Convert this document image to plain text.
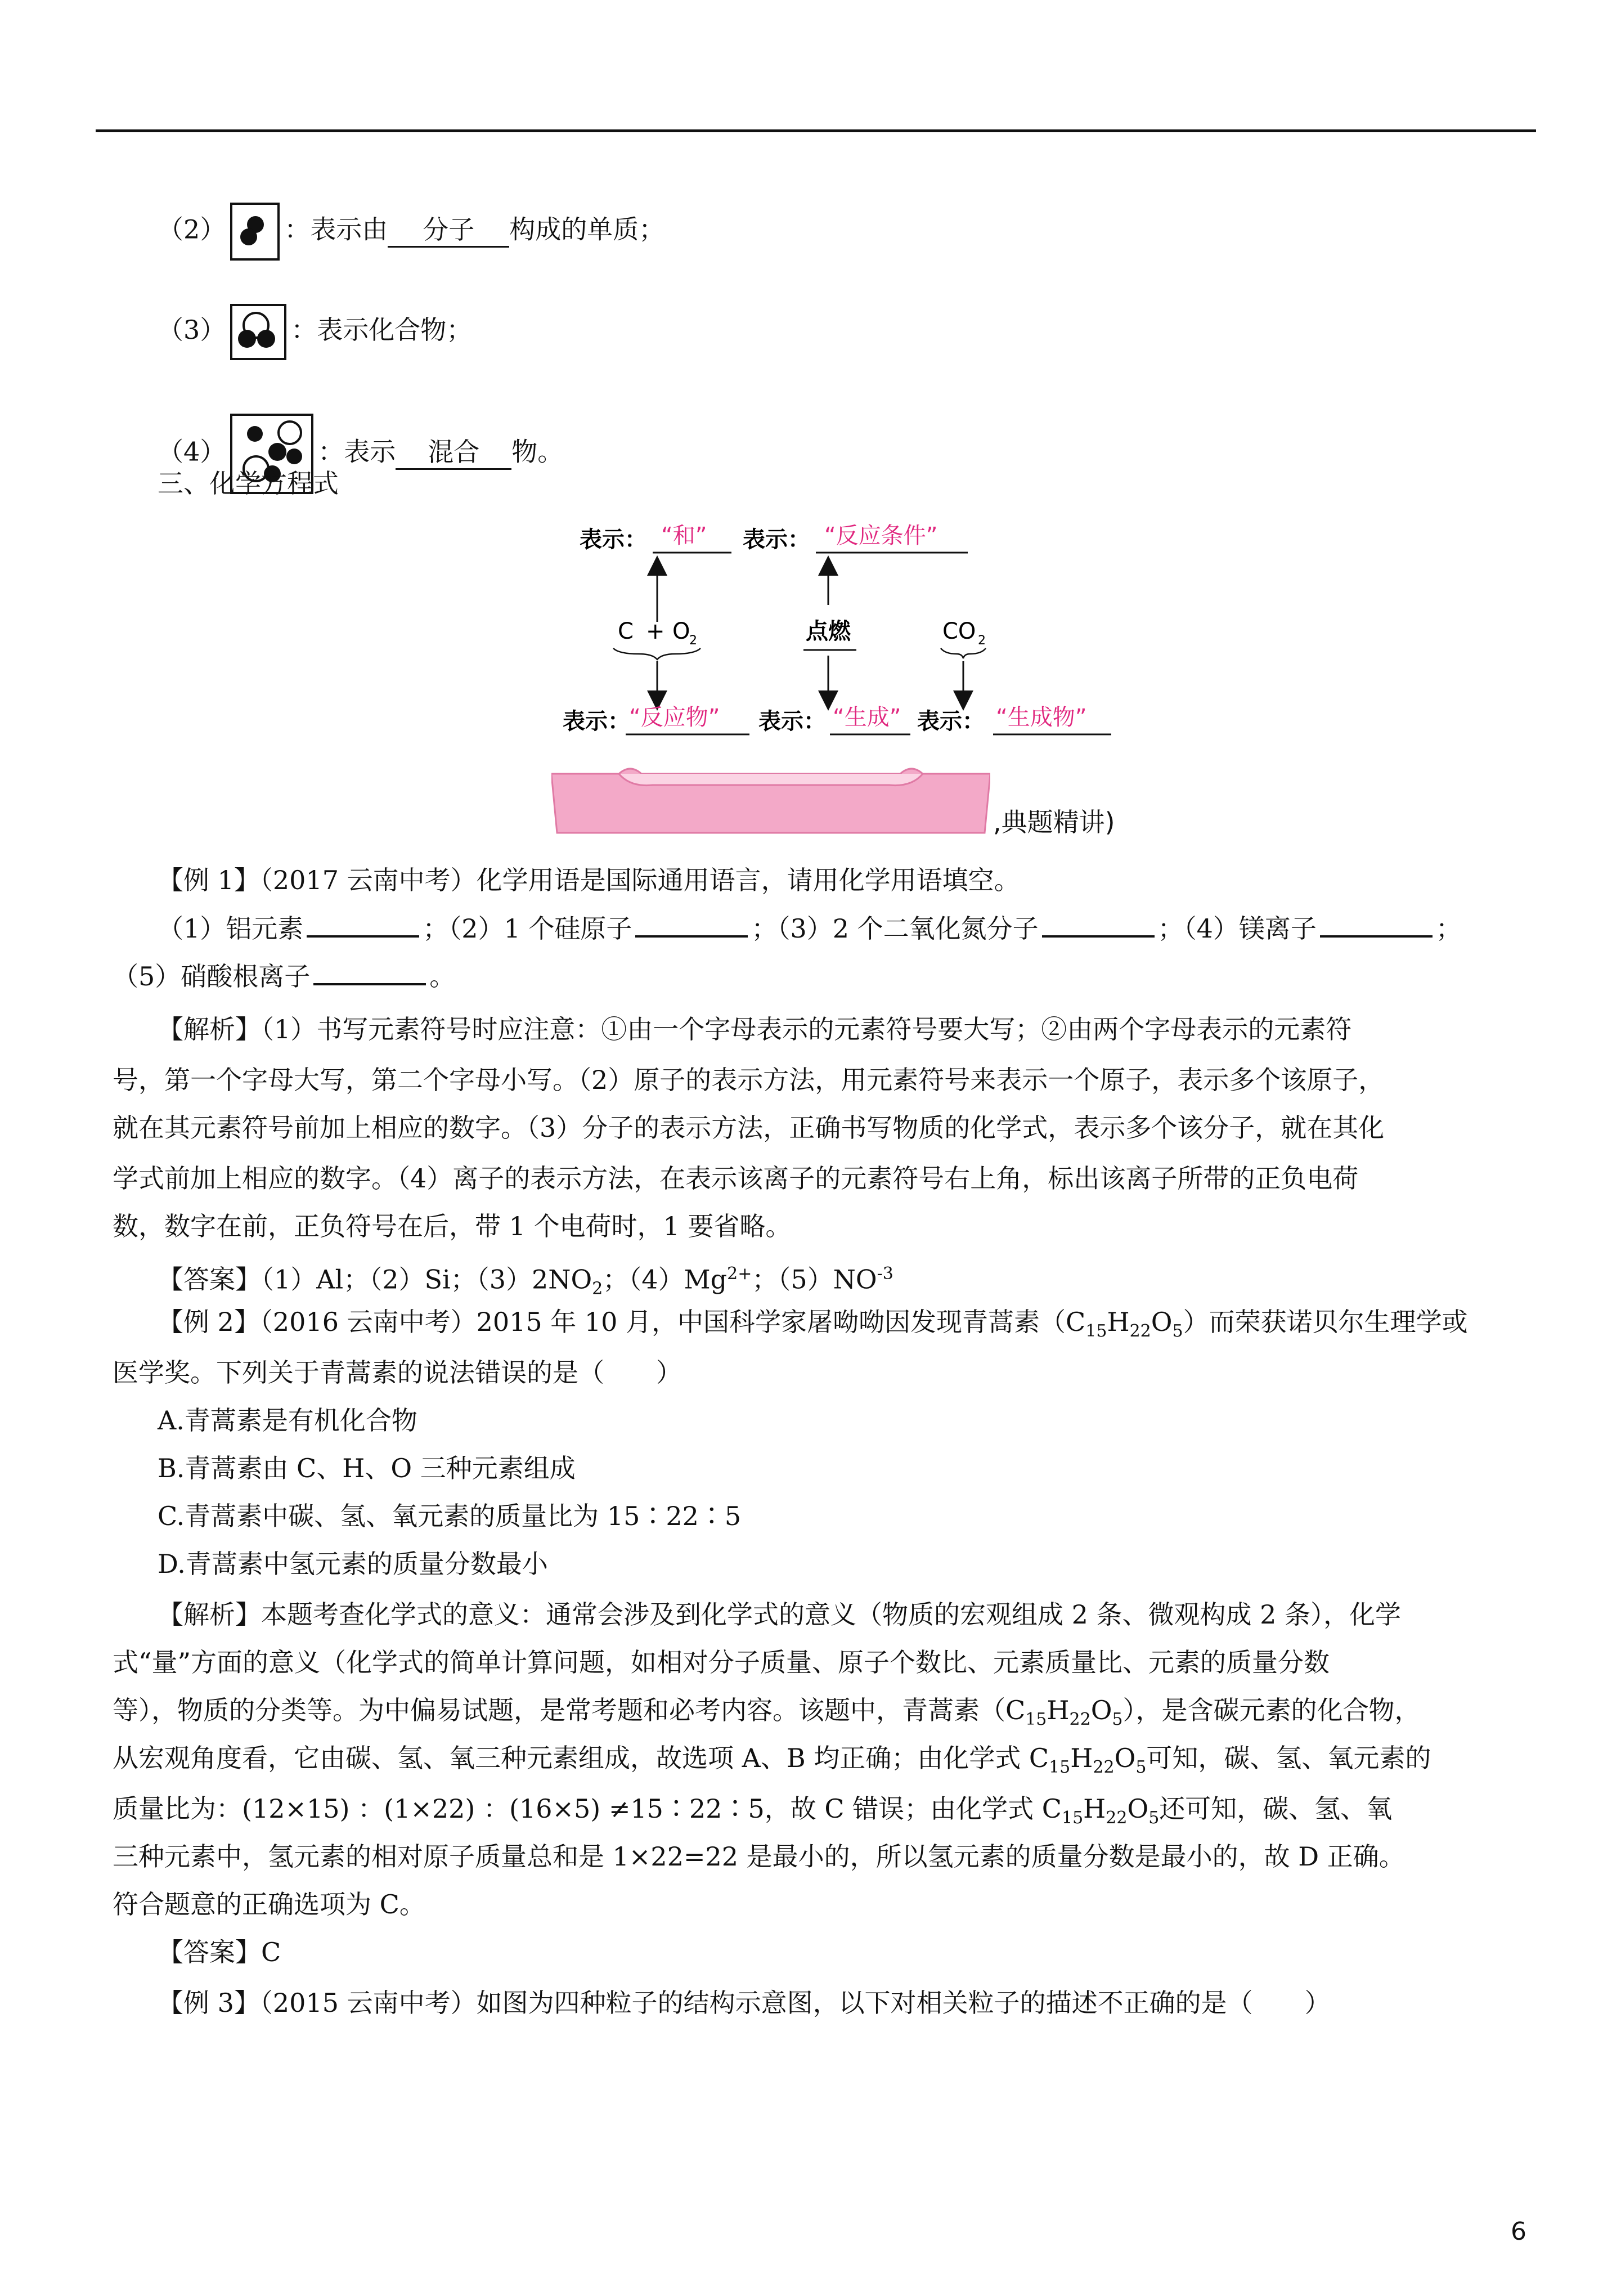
（2） ：表示由 分子 构成的单质；
（3）	：表示化合物；
（4）	：表示 混合 物。
三、化学方程式
表示： “和” 表示： “反应条件”
C + O
2	点燃	CO 2
表示：
“反应物” 表示： “生成” 表示： “生成物”
,典题精讲)
【例 1】（2017 云南中考）化学用语是国际通用语言，请用化学用语填空。
（1）铝元素	；（2）1 个硅原子	；（3）2 个二氧化氮分子	；（4）镁离子	；
（5）硝酸根离子	。
【解析】（1）书写元素符号时应注意：①由一个字母表示的元素符号要大写；②由两个字母表示的元素符
号，第一个字母大写，第二个字母小写。（2）原子的表示方法，用元素符号来表示一个原子，表示多个该原子，
就在其元素符号前加上相应的数字。（3）分子的表示方法，正确书写物质的化学式，表示多个该分子，就在其化
学式前加上相应的数字。（4）离子的表示方法，在表示该离子的元素符号右上角，标出该离子所带的正负电荷
数，数字在前，正负符号在后，带 1 个电荷时，1 要省略。
【答案】（1）Al；（2）Si；$(3)2NO_2$；$(4)Mg^{2+}$；$(5)NO^{-3}$
【例 2】（2016 云南中考）2015 年 10 月，中国科学家屠呦呦因发现青蒿素$(C_{15}H_{22}O_5)$而荣获诺贝尔生理学或
医学奖。下列关于青蒿素的说法错误的是（　　）
A.青蒿素是有机化合物
B.青蒿素由 C、H、O 三种元素组成
C.青蒿素中碳、氢、氧元素的质量比为 15∶22∶5
D.青蒿素中氢元素的质量分数最小
【解析】本题考查化学式的意义：通常会涉及到化学式的意义（物质的宏观组成 2 条、微观构成 2 条），化学
式“量”方面的意义（化学式的简单计算问题，如相对分子质量、原子个数比、元素质量比、元素的质量分数
等），物质的分类等。为中偏易试题，是常考题和必考内容。该题中，青蒿素$(C_{15}H_{22}O_5)$，是含碳元素的化合物，
从宏观角度看，它由碳、氢、氧三种元素组成，故选项 A、B 均正确；由化学式 $C_{15}H_{22}O_5$可知，碳、氢、氧元素的
质量比为：(12×15) ：(1×22) ：(16×5) ≠15∶22∶5，故 C 错误；由化学式 $C_{15}H_{22}O_5$还可知，碳、氢、氧
三种元素中，氢元素的相对原子质量总和是 1×22=22 是最小的，所以氢元素的质量分数是最小的，故 D 正确。
符合题意的正确选项为 C。
【答案】C
【例 3】（2015 云南中考）如图为四种粒子的结构示意图，以下对相关粒子的描述不正确的是（　　）
6
